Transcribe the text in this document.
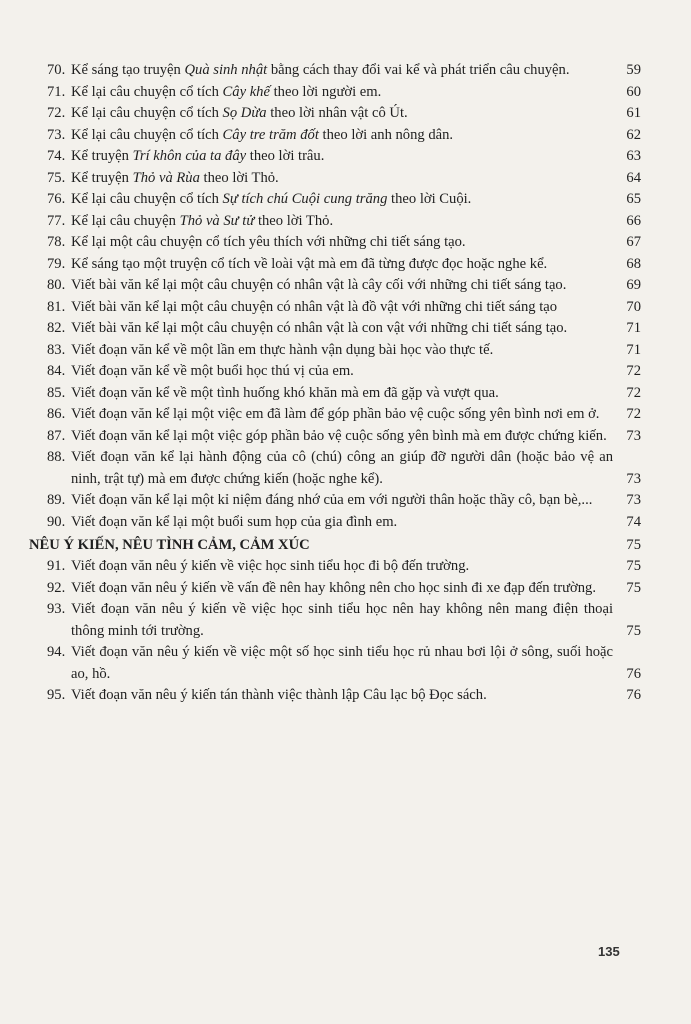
70. Kể sáng tạo truyện Quà sinh nhật bằng cách thay đổi vai kể và phát triển câu chuyện.	59
71. Kể lại câu chuyện cổ tích Cây khế theo lời người em.	60
72. Kể lại câu chuyện cổ tích Sọ Dừa theo lời nhân vật cô Út.	61
73. Kể lại câu chuyện cổ tích Cây tre trăm đốt theo lời anh nông dân.	62
74. Kể truyện Trí khôn của ta đây theo lời trâu.	63
75. Kể truyện Thỏ và Rùa theo lời Thỏ.	64
76. Kể lại câu chuyện cổ tích Sự tích chú Cuội cung trăng theo lời Cuội.	65
77. Kể lại câu chuyện Thỏ và Sư tử theo lời Thỏ.	66
78. Kể lại một câu chuyện cổ tích yêu thích với những chi tiết sáng tạo.	67
79. Kể sáng tạo một truyện cổ tích về loài vật mà em đã từng được đọc hoặc nghe kể.	68
80. Viết bài văn kể lại một câu chuyện có nhân vật là cây cối với những chi tiết sáng tạo.	69
81. Viết bài văn kể lại một câu chuyện có nhân vật là đồ vật với những chi tiết sáng tạo	70
82. Viết bài văn kể lại một câu chuyện có nhân vật là con vật với những chi tiết sáng tạo.	71
83. Viết đoạn văn kể về một lần em thực hành vận dụng bài học vào thực tế.	71
84. Viết đoạn văn kể về một buổi học thú vị của em.	72
85. Viết đoạn văn kể về một tình huống khó khăn mà em đã gặp và vượt qua.	72
86. Viết đoạn văn kể lại một việc em đã làm để góp phần bảo vệ cuộc sống yên bình nơi em ở.	72
87. Viết đoạn văn kể lại một việc góp phần bảo vệ cuộc sống yên bình mà em được chứng kiến.	73
88. Viết đoạn văn kể lại hành động của cô (chú) công an giúp đỡ người dân (hoặc bảo vệ an ninh, trật tự) mà em được chứng kiến (hoặc nghe kể).	73
89. Viết đoạn văn kể lại một kỉ niệm đáng nhớ của em với người thân hoặc thầy cô, bạn bè,...	73
90. Viết đoạn văn kể lại một buổi sum họp của gia đình em.	74
NÊU Ý KIẾN, NÊU TÌNH CẢM, CẢM XÚC	75
91. Viết đoạn văn nêu ý kiến về việc học sinh tiểu học đi bộ đến trường.	75
92. Viết đoạn văn nêu ý kiến về vấn đề nên hay không nên cho học sinh đi xe đạp đến trường.	75
93. Viết đoạn văn nêu ý kiến về việc học sinh tiểu học nên hay không nên mang điện thoại thông minh tới trường.	75
94. Viết đoạn văn nêu ý kiến về việc một số học sinh tiểu học rủ nhau bơi lội ở sông, suối hoặc ao, hồ.	76
95. Viết đoạn văn nêu ý kiến tán thành việc thành lập Câu lạc bộ Đọc sách.	76
135
